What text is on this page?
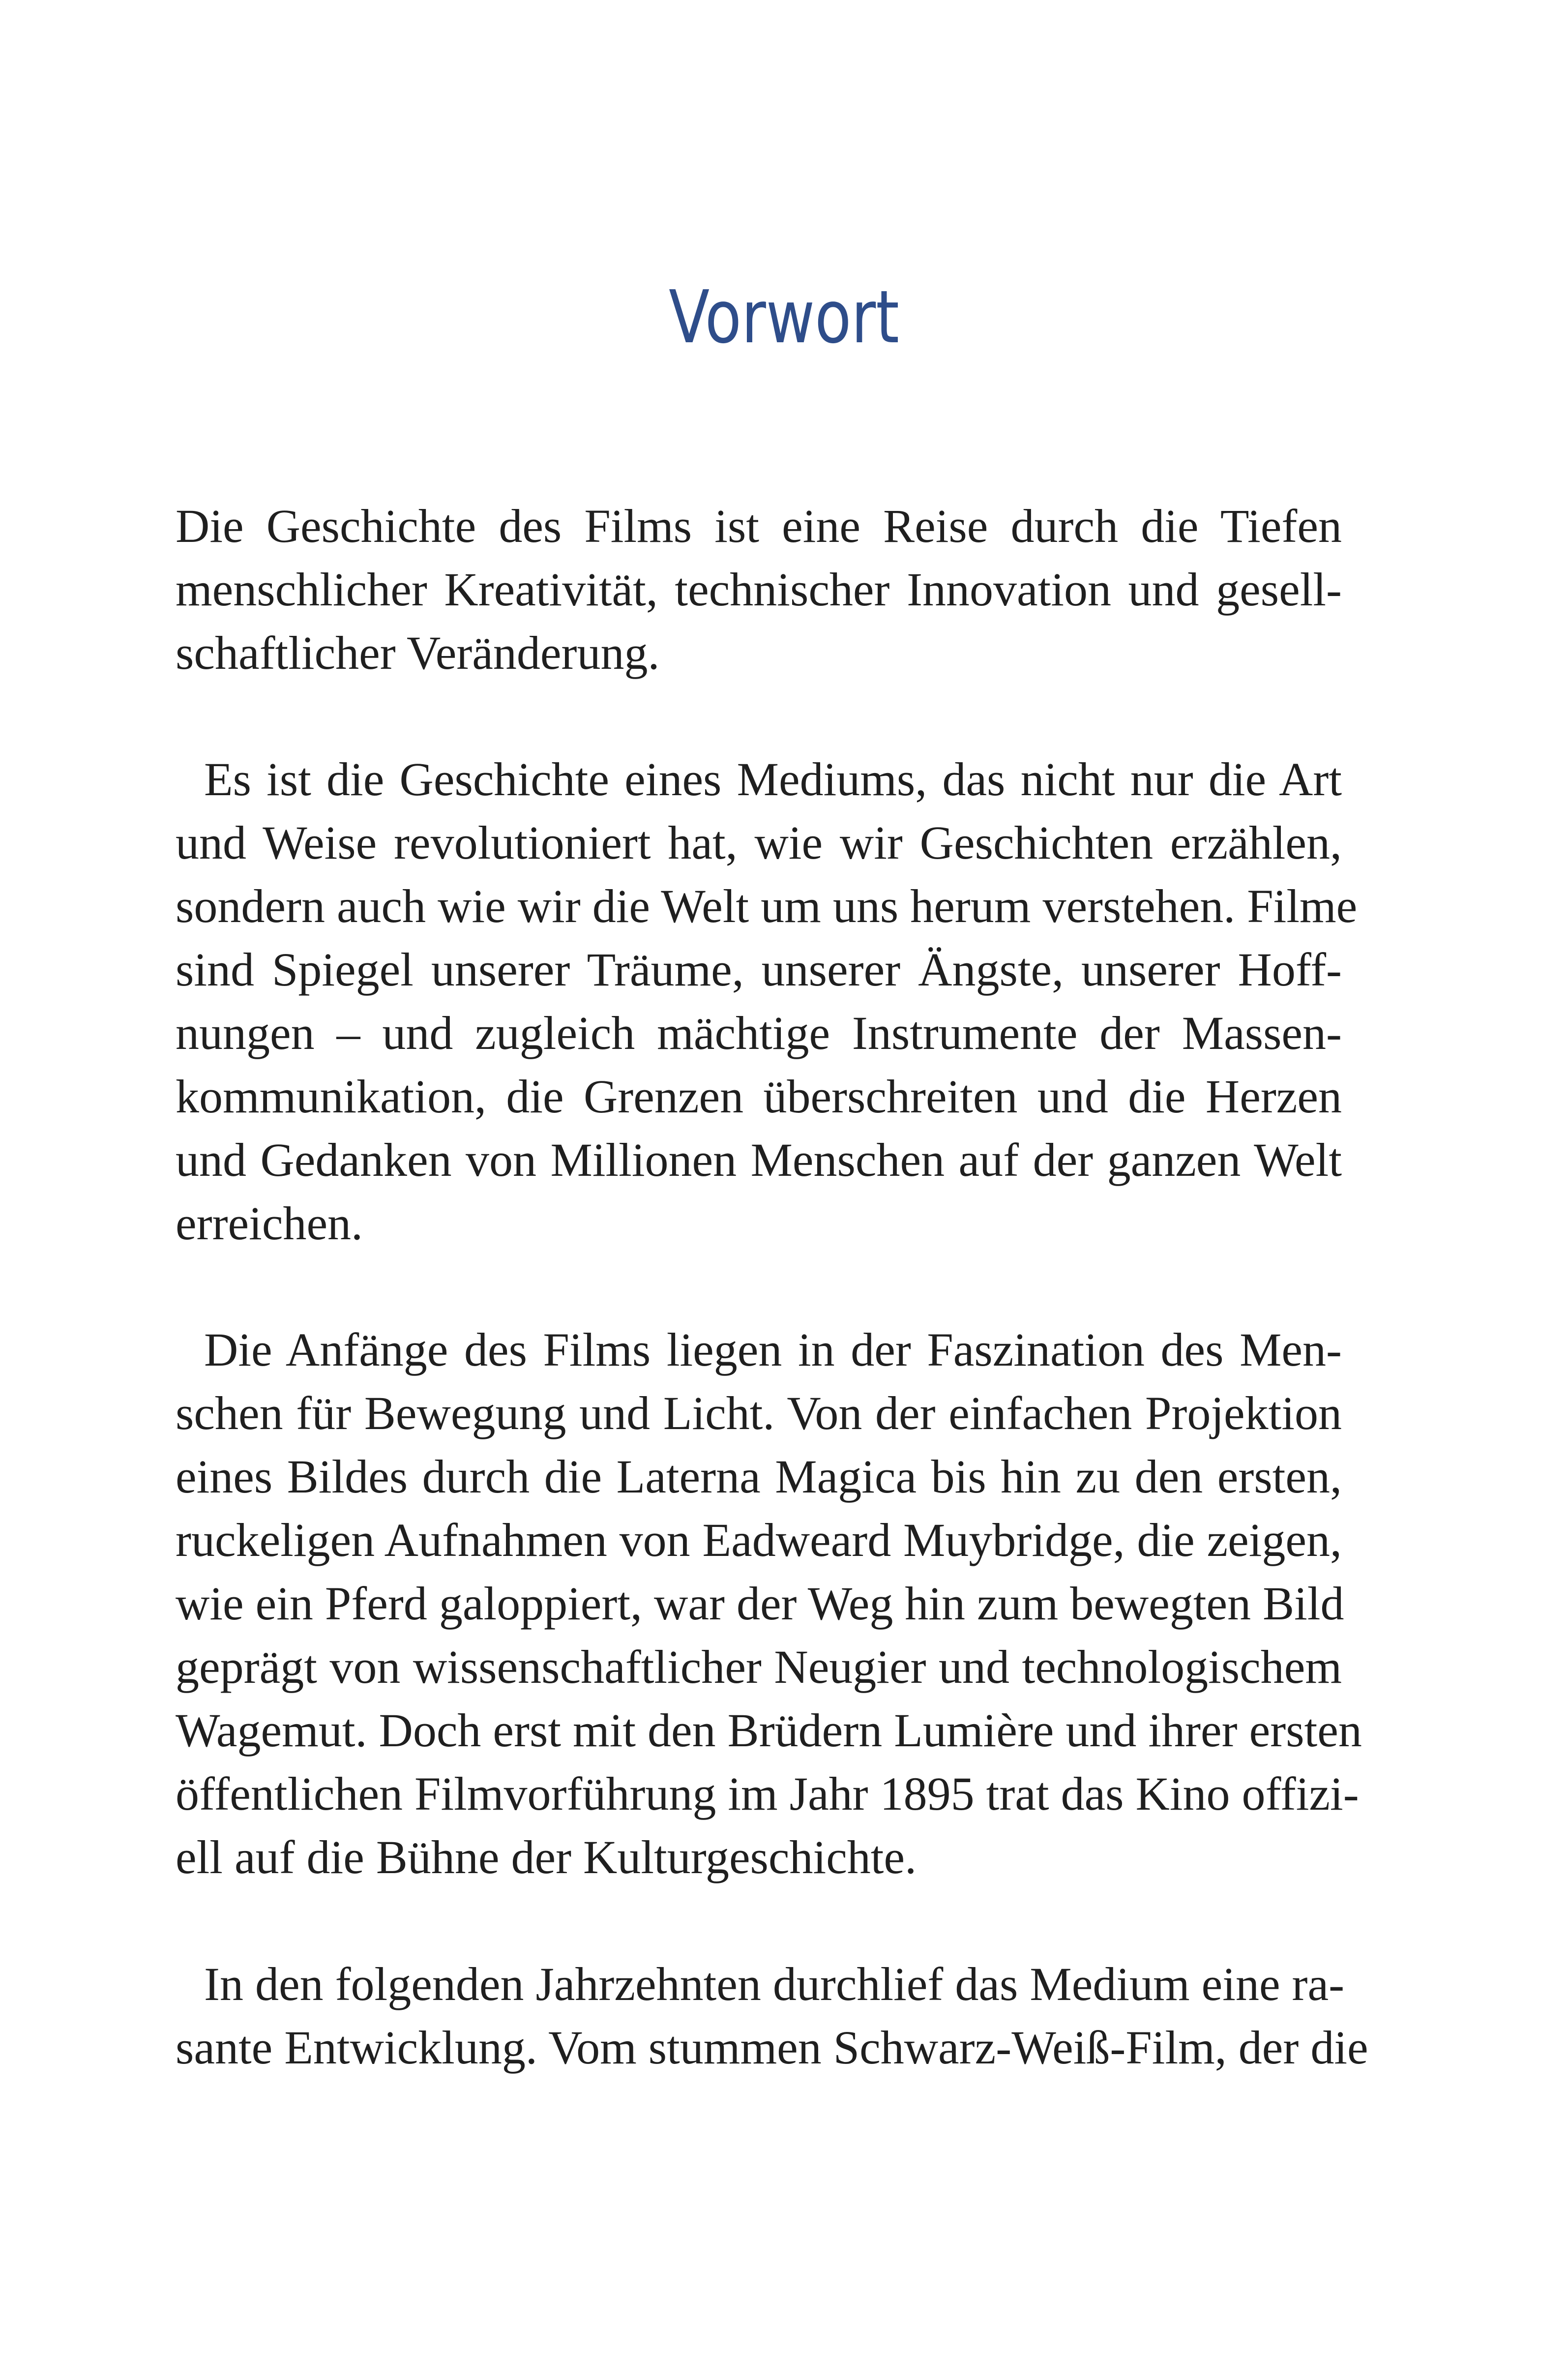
Vorwort
Die Geschichte des Films ist eine Reise durch die Tiefen
menschlicher Kreativität, technischer Innovation und gesell-
schaftlicher Veränderung.
Es ist die Geschichte eines Mediums, das nicht nur die Art
und Weise revolutioniert hat, wie wir Geschichten erzählen,
sondern auch wie wir die Welt um uns herum verstehen. Filme
sind Spiegel unserer Träume, unserer Ängste, unserer Hoff-
nungen – und zugleich mächtige Instrumente der Massen-
kommunikation, die Grenzen überschreiten und die Herzen
und Gedanken von Millionen Menschen auf der ganzen Welt
erreichen.
Die Anfänge des Films liegen in der Faszination des Men-
schen für Bewegung und Licht. Von der einfachen Projektion
eines Bildes durch die Laterna Magica bis hin zu den ersten,
ruckeligen Aufnahmen von Eadweard Muybridge, die zeigen,
wie ein Pferd galoppiert, war der Weg hin zum bewegten Bild
geprägt von wissenschaftlicher Neugier und technologischem
Wagemut. Doch erst mit den Brüdern Lumière und ihrer ersten
öffentlichen Filmvorführung im Jahr 1895 trat das Kino offizi-
ell auf die Bühne der Kulturgeschichte.
In den folgenden Jahrzehnten durchlief das Medium eine ra-
sante Entwicklung. Vom stummen Schwarz-Weiß-Film, der die
